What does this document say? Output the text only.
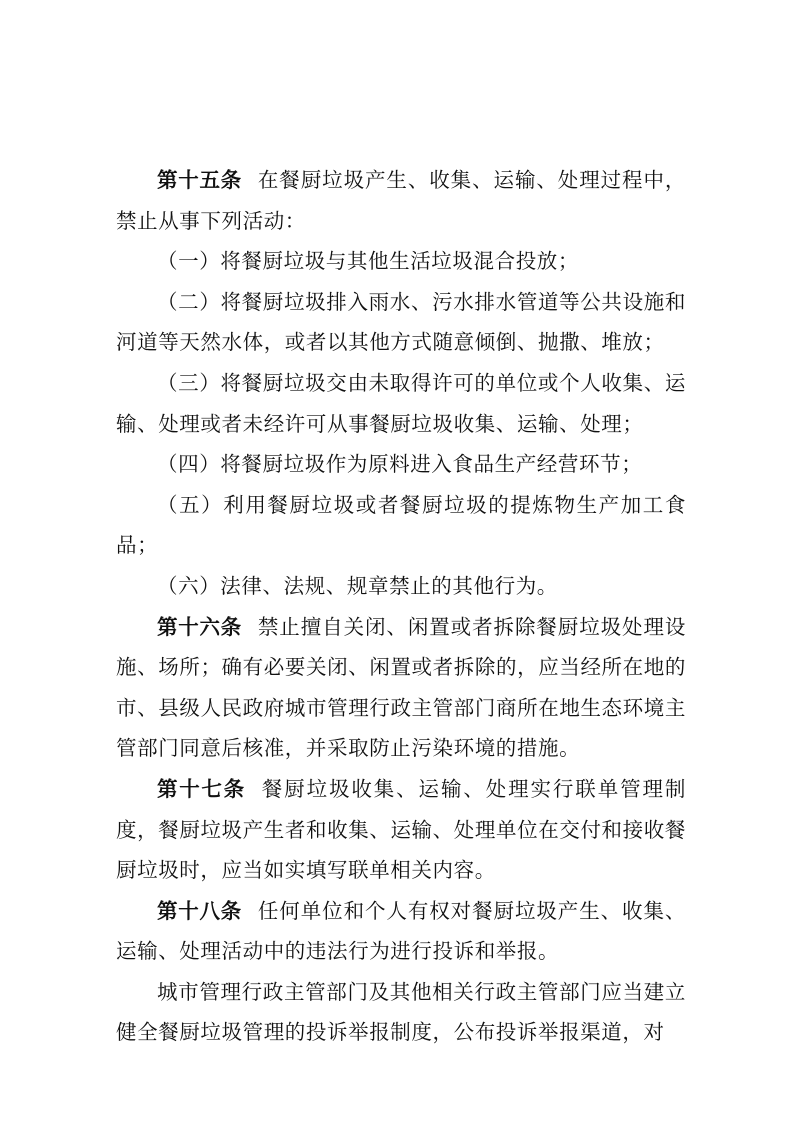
第十五条 在餐厨垃圾产生、收集、运输、处理过程中，禁止从事下列活动：

（一）将餐厨垃圾与其他生活垃圾混合投放；

（二）将餐厨垃圾排入雨水、污水排水管道等公共设施和河道等天然水体，或者以其他方式随意倾倒、抛撒、堆放；

（三）将餐厨垃圾交由未取得许可的单位或个人收集、运输、处理或者未经许可从事餐厨垃圾收集、运输、处理；

（四）将餐厨垃圾作为原料进入食品生产经营环节；

（五）利用餐厨垃圾或者餐厨垃圾的提炼物生产加工食品；

（六）法律、法规、规章禁止的其他行为。

第十六条 禁止擅自关闭、闲置或者拆除餐厨垃圾处理设施、场所；确有必要关闭、闲置或者拆除的，应当经所在地的市、县级人民政府城市管理行政主管部门商所在地生态环境主管部门同意后核准，并采取防止污染环境的措施。

第十七条 餐厨垃圾收集、运输、处理实行联单管理制度，餐厨垃圾产生者和收集、运输、处理单位在交付和接收餐厨垃圾时，应当如实填写联单相关内容。

第十八条 任何单位和个人有权对餐厨垃圾产生、收集、运输、处理活动中的违法行为进行投诉和举报。

城市管理行政主管部门及其他相关行政主管部门应当建立健全餐厨垃圾管理的投诉举报制度，公布投诉举报渠道，对
